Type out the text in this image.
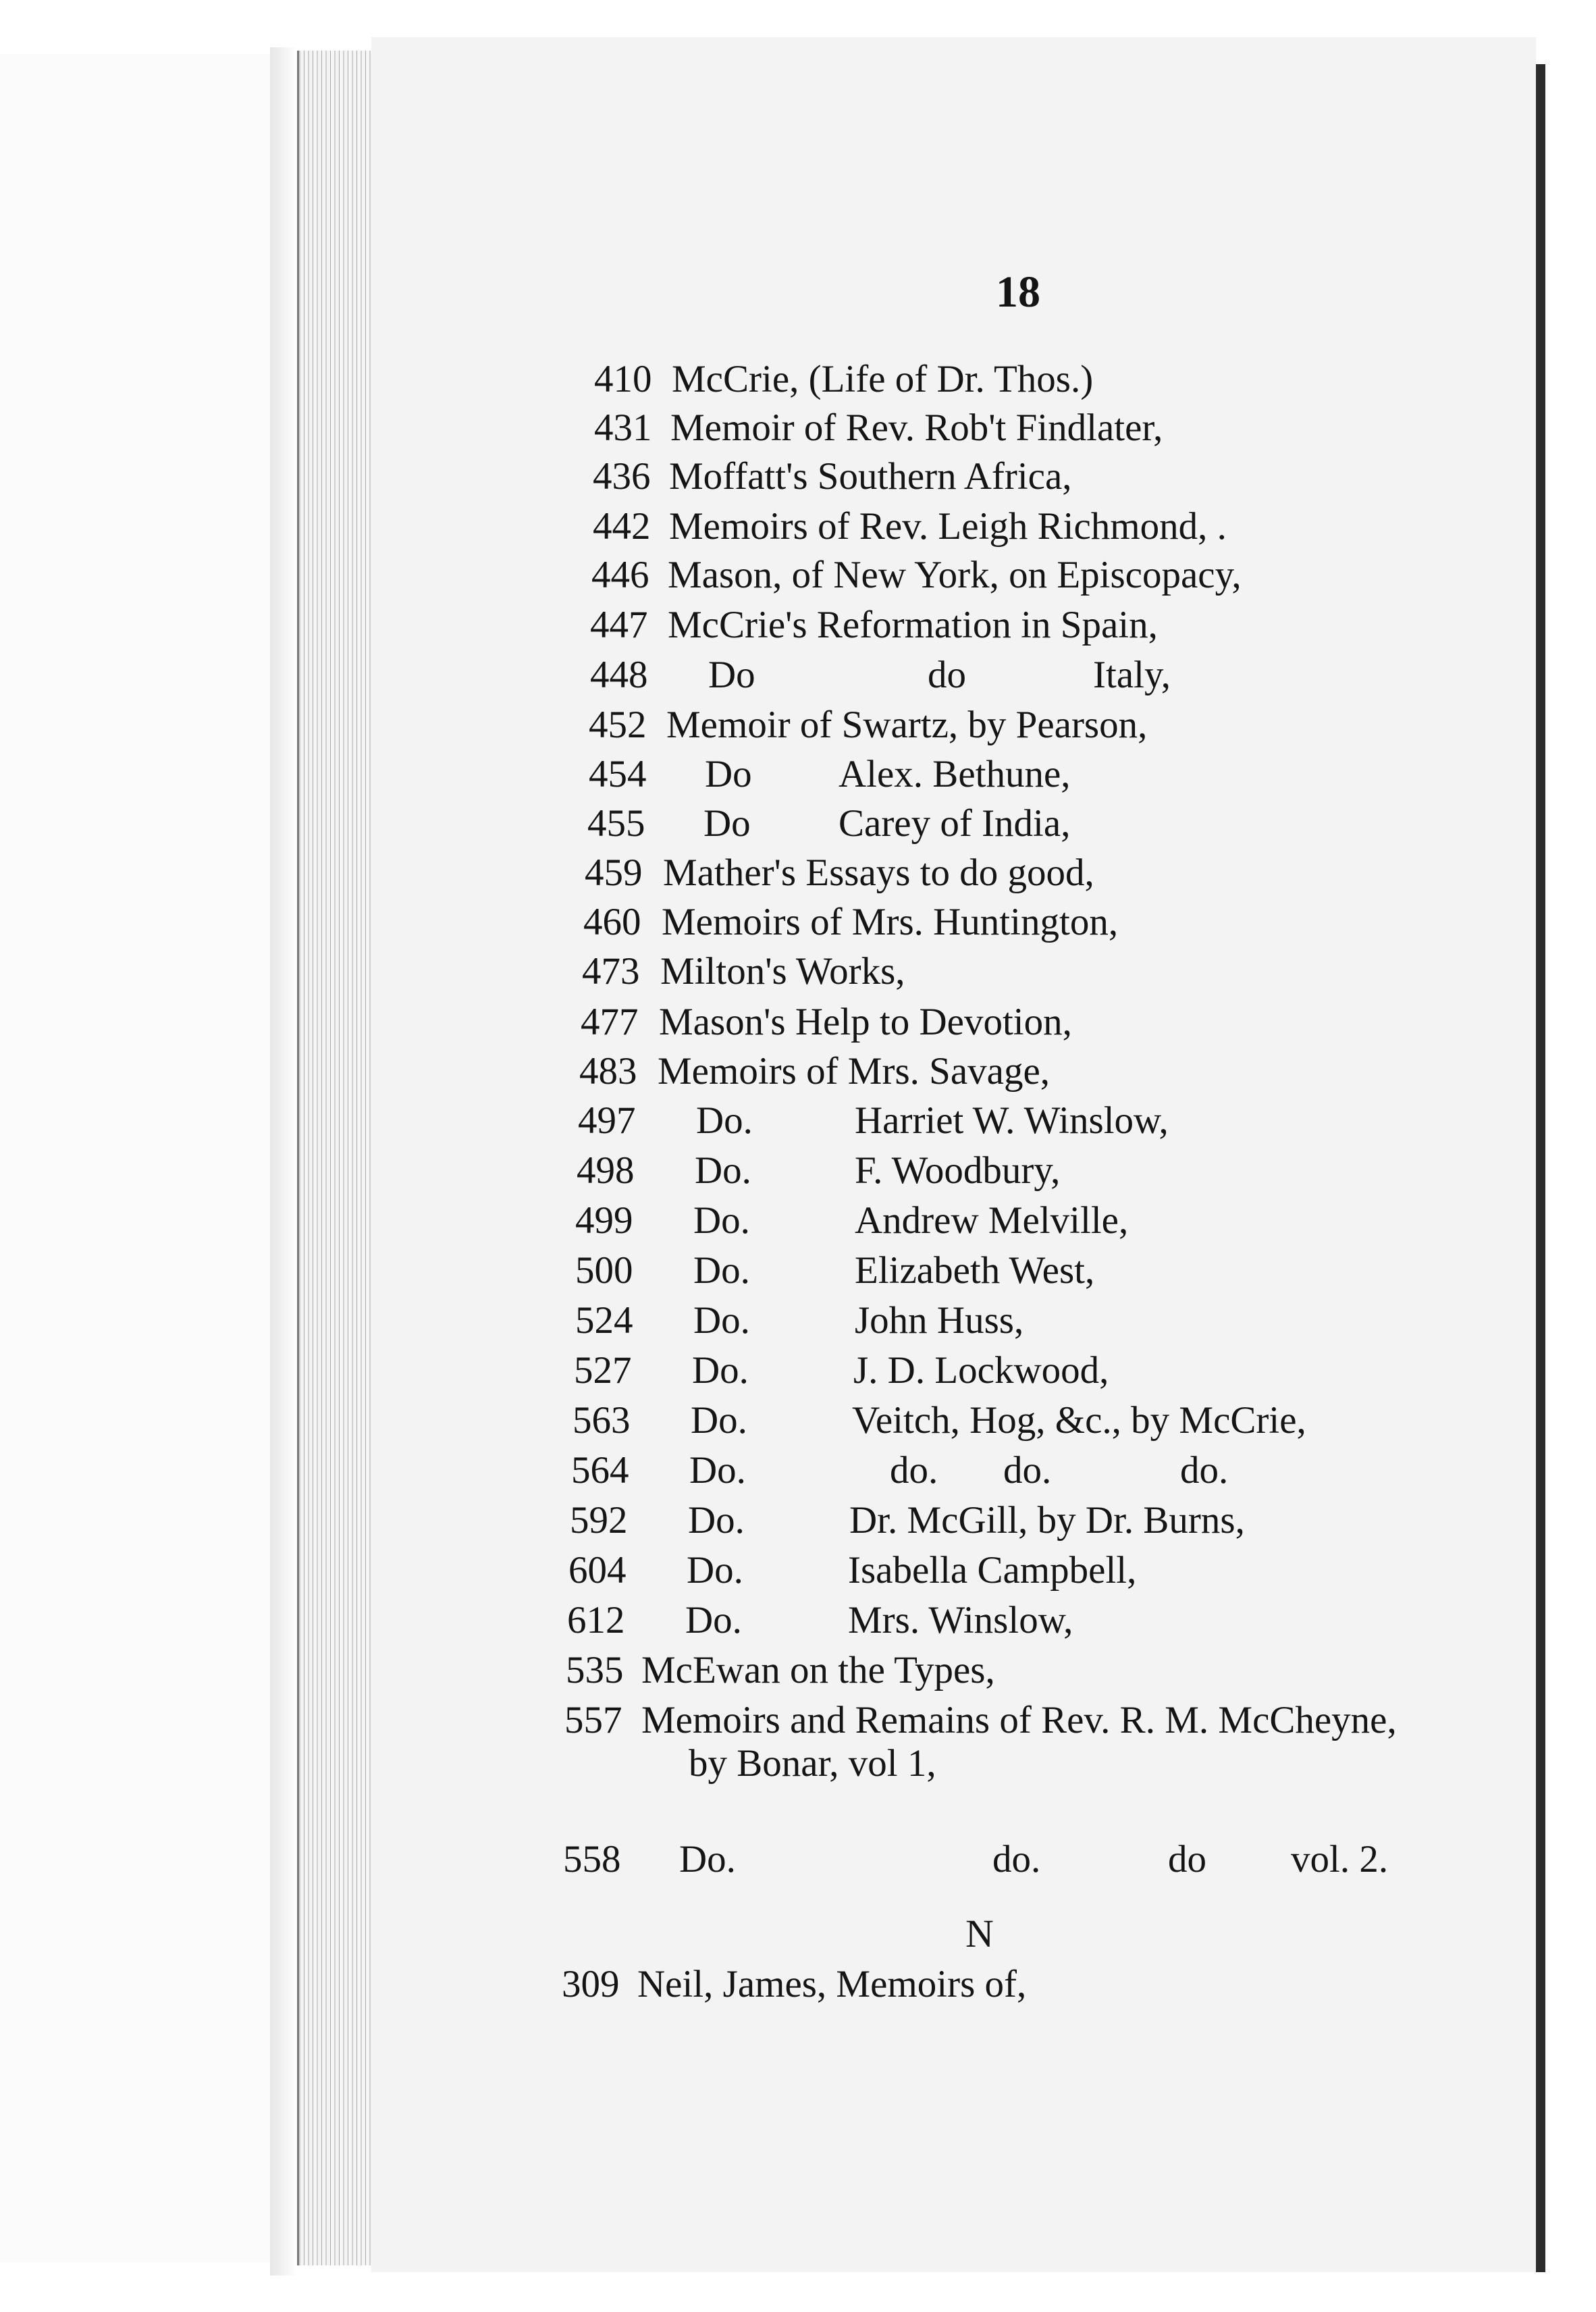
18
410 McCrie, (Life of Dr. Thos.)
431 Memoir of Rev. Rob't Findlater,
436 Moffatt's Southern Africa,
442 Memoirs of Rev. Leigh Richmond, .
446 Mason, of New York, on Episcopacy,
447 McCrie's Reformation in Spain,
448 Do	do	Italy,
452 Memoir of Swartz, by Pearson,
454 Do Alex. Bethune,
455 Do Carey of India,
459 Mather's Essays to do good,
460 Memoirs of Mrs. Huntington,
473 Milton's Works,
477 Mason's Help to Devotion,
483 Memoirs of Mrs. Savage,
497 Do.	Harriet W. Winslow,
498 Do.	F. Woodbury,
499 Do.	Andrew Melville,
500 Do.	Elizabeth West,
524 Do.	John Huss,
527 Do.	J. D. Lockwood,
563 Do.	Veitch, Hog, &c., by McCrie,
564 Do.	do. do.	do.
592 Do.	Dr. McGill, by Dr. Burns,
604 Do.	Isabella Campbell,
612 Do.	Mrs. Winslow,
535 McEwan on the Types,
557 Memoirs and Remains of Rev. R. M. McCheyne,
by Bonar, vol 1,
558 Do.	do.	do vol. 2.
N
309 Neil, James, Memoirs of,
